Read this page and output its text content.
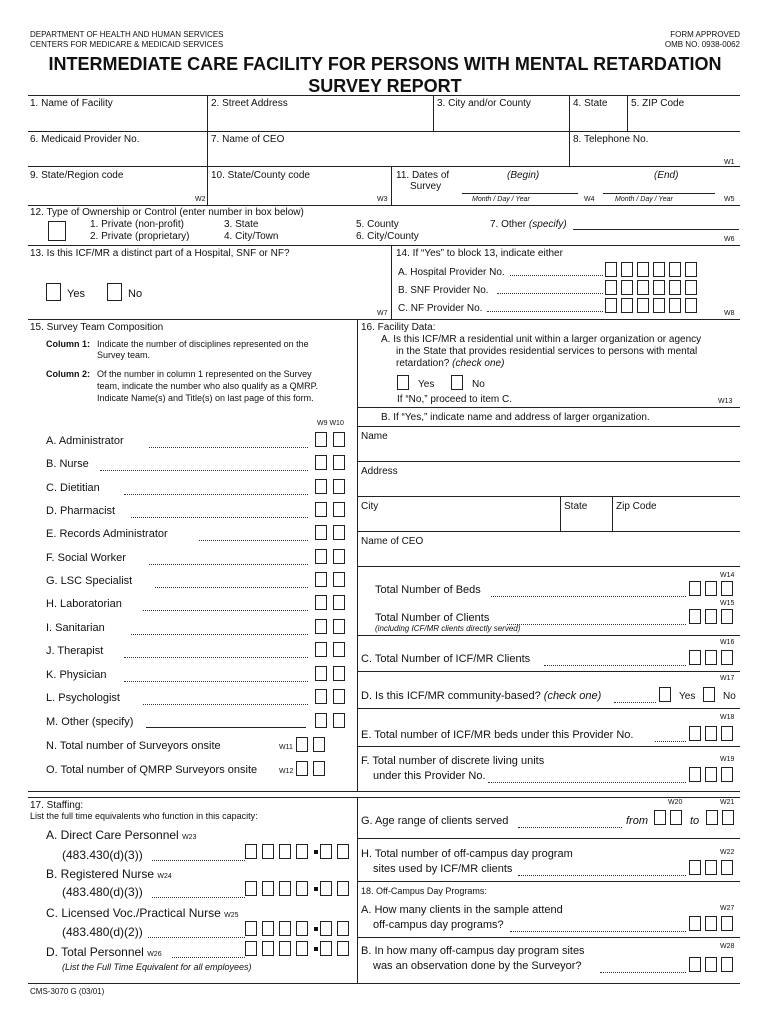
DEPARTMENT OF HEALTH AND HUMAN SERVICES
CENTERS FOR MEDICARE & MEDICAID SERVICES
FORM APPROVED
OMB NO. 0938-0062
INTERMEDIATE CARE FACILITY FOR PERSONS WITH MENTAL RETARDATION
SURVEY REPORT
1. Name of Facility	2. Street Address	3. City and/or County	4. State 5. ZIP Code
6. Medicaid Provider No.	7. Name of CEO	8. Telephone No.
W1
9. State/Region code	10. State/County code	11. Dates of
Survey
(Begin)	(End)
Month / Day / Year	Month / Day / Year
W2	W3	W4	W5
12. Type of Ownership or Control (enter number in box below)
1. Private (non-profit)
2. Private (proprietary)
3. State
4. City/Town
5. County
6. City/County
7. Other (specify)
W6
13. Is this ICF/MR a distinct part of a Hospital, SNF or NF?
Yes	No
W7
14. If “Yes” to block 13, indicate either
A. Hospital Provider No.
B. SNF Provider No.
C. NF Provider No.	W8
15. Survey Team Composition
Column 1: Indicate the number of disciplines represented on the
Survey team.
Column 2: Of the number in column 1 represented on the Survey
team, indicate the number who also qualify as a QMRP.
Indicate Name(s) and Title(s) on last page of this form.
W9 W10
A. Administrator
B. Nurse
C. Dietitian
D. Pharmacist
E. Records Administrator
F. Social Worker
G. LSC Specialist
H. Laboratorian
I. Sanitarian
J. Therapist
K. Physician
L. Psychologist
M. Other (specify)
N. Total number of Surveyors onsite	W11
O. Total number of QMRP Surveyors onsite	W12
17. Staffing:
List the full time equivalents who function in this capacity:
A. Direct Care Personnel W23
(483.430(d)(3))
B. Registered Nurse W24
(483.480(d)(3))
C. Licensed Voc./Practical Nurse W25
(483.480(d)(2))
D. Total Personnel W26
(List the Full Time Equivalent for all employees)
16. Facility Data:
A. Is this ICF/MR a residential unit within a larger organization or agency
in the State that provides residential services to persons with mental
retardation? (check one)
Yes	No
If “No,” proceed to item C.	W13
B. If “Yes,” indicate name and address of larger organization.
Name
Address
City	State	Zip Code
Name of CEO
W14
Total Number of Beds
W15
Total Number of Clients
(including ICF/MR clients directly served)
W16
C. Total Number of ICF/MR Clients
W17
D. Is this ICF/MR community-based? (check one)	Yes	No
W18
E. Total number of ICF/MR beds under this Provider No.
W19
F. Total number of discrete living units
under this Provider No.
W20	W21
G. Age range of clients served	from	to
W22
H. Total number of off-campus day program
sites used by ICF/MR clients
18. Off-Campus Day Programs:
W27
A. How many clients in the sample attend
off-campus day programs?
W28
B. In how many off-campus day program sites
was an observation done by the Surveyor?
CMS-3070 G (03/01)
